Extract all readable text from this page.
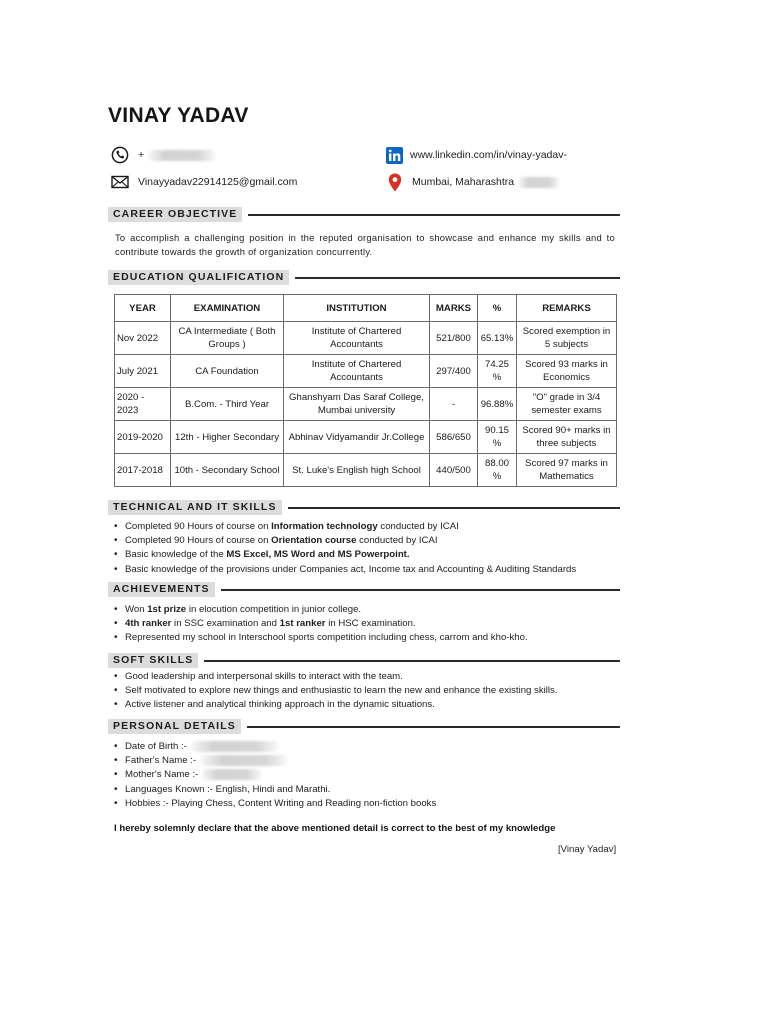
VINAY YADAV
+
Vinayyadav22914125@gmail.com
www.linkedin.com/in/vinay-yadav-
Mumbai, Maharashtra
CAREER OBJECTIVE
To accomplish a challenging position in the reputed organisation to showcase and enhance my skills and to contribute towards the growth of organization concurrently.
EDUCATION QUALIFICATION
YEAR	EXAMINATION	INSTITUTION	MARKS	%	REMARKS
Nov 2022	CA Intermediate ( Both Groups )	Institute of Chartered Accountants	521/800	65.13%	Scored exemption in 5 subjects
July 2021	CA Foundation	Institute of Chartered Accountants	297/400	74.25 %	Scored 93 marks in Economics
2020 - 2023	B.Com. - Third Year	Ghanshyam Das Saraf College, Mumbai university	-	96.88%	"O" grade in 3/4 semester exams
2019-2020	12th - Higher Secondary	Abhinav Vidyamandir Jr.College	586/650	90.15 %	Scored 90+ marks in three subjects
2017-2018	10th - Secondary School	St. Luke's English high School	440/500	88.00 %	Scored 97 marks in Mathematics
TECHNICAL AND IT SKILLS
• Completed 90 Hours of course on Information technology conducted by ICAI
• Completed 90 Hours of course on Orientation course conducted by ICAI
• Basic knowledge of the MS Excel, MS Word and MS Powerpoint.
• Basic knowledge of the provisions under Companies act, Income tax and Accounting & Auditing Standards
ACHIEVEMENTS
• Won 1st prize in elocution competition in junior college.
• 4th ranker in SSC examination and 1st ranker in HSC examination.
• Represented my school in Interschool sports competition including chess, carrom and kho-kho.
SOFT SKILLS
• Good leadership and interpersonal skills to interact with the team.
• Self motivated to explore new things and enthusiastic to learn the new and enhance the existing skills.
• Active listener and analytical thinking approach in the dynamic situations.
PERSONAL DETAILS
• Date of Birth :-
• Father's Name :-
• Mother's Name :-
• Languages Known :- English, Hindi and Marathi.
• Hobbies :- Playing Chess, Content Writing and Reading non-fiction books
I hereby solemnly declare that the above mentioned detail is correct to the best of my knowledge
[Vinay Yadav]
